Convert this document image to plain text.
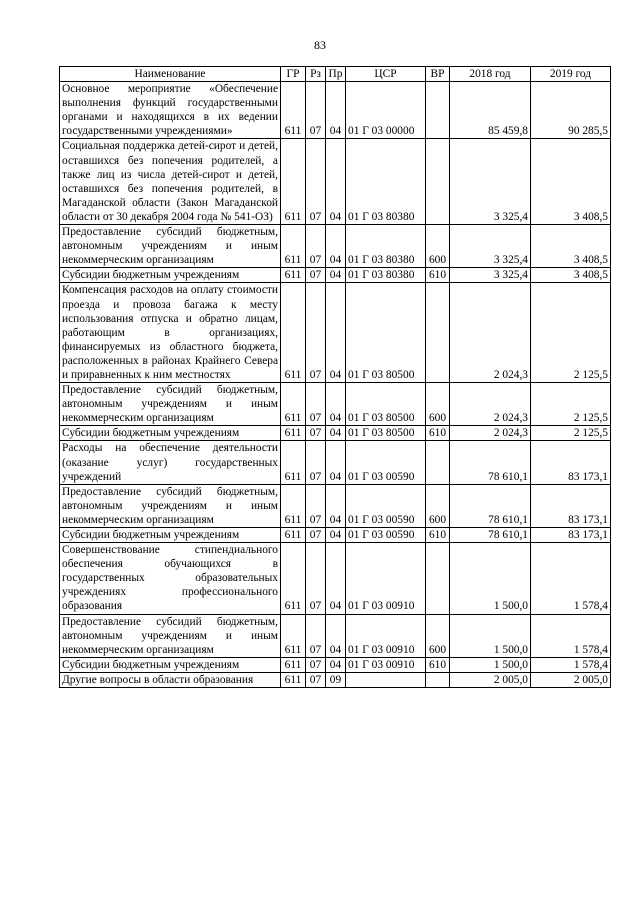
83
Наименование	ГР	Рз	Пр	ЦСР	ВР	2018 год	2019 год
Основное мероприятие «Обеспечение выполнения функций государственными органами и находящихся в их ведении государственными учреждениями»	611	07	04	01 Г 03 00000		85 459,8	90 285,5
Социальная поддержка детей-сирот и детей, оставшихся без попечения родителей, а также лиц из числа детей-сирот и детей, оставшихся без попечения родителей, в Магаданской области (Закон Магаданской области от 30 декабря 2004 года № 541-ОЗ)	611	07	04	01 Г 03 80380		3 325,4	3 408,5
Предоставление субсидий бюджетным, автономным учреждениям и иным некоммерческим организациям	611	07	04	01 Г 03 80380	600	3 325,4	3 408,5
Субсидии бюджетным учреждениям	611	07	04	01 Г 03 80380	610	3 325,4	3 408,5
Компенсация расходов на оплату стоимости проезда и провоза багажа к месту использования отпуска и обратно лицам, работающим в организациях, финансируемых из областного бюджета, расположенных в районах Крайнего Севера и приравненных к ним местностях	611	07	04	01 Г 03 80500		2 024,3	2 125,5
Предоставление субсидий бюджетным, автономным учреждениям и иным некоммерческим организациям	611	07	04	01 Г 03 80500	600	2 024,3	2 125,5
Субсидии бюджетным учреждениям	611	07	04	01 Г 03 80500	610	2 024,3	2 125,5
Расходы на обеспечение деятельности (оказание услуг) государственных учреждений	611	07	04	01 Г 03 00590		78 610,1	83 173,1
Предоставление субсидий бюджетным, автономным учреждениям и иным некоммерческим организациям	611	07	04	01 Г 03 00590	600	78 610,1	83 173,1
Субсидии бюджетным учреждениям	611	07	04	01 Г 03 00590	610	78 610,1	83 173,1
Совершенствование стипендиального обеспечения обучающихся в государственных образовательных учреждениях профессионального образования	611	07	04	01 Г 03 00910		1 500,0	1 578,4
Предоставление субсидий бюджетным, автономным учреждениям и иным некоммерческим организациям	611	07	04	01 Г 03 00910	600	1 500,0	1 578,4
Субсидии бюджетным учреждениям	611	07	04	01 Г 03 00910	610	1 500,0	1 578,4
Другие вопросы в области образования	611	07	09			2 005,0	2 005,0
